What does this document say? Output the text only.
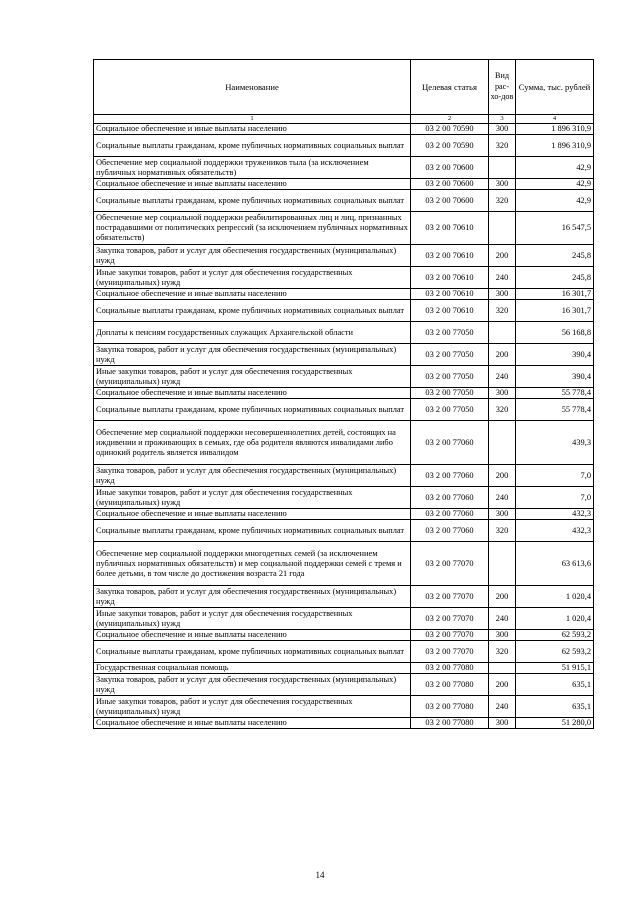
Наименование	Целевая статья	Вид рас-хо-дов	Сумма, тыс. рублей
1	2	3	4
Социальное обеспечение и иные выплаты населению	03 2 00 70590	300	1 896 310,9
Социальные выплаты гражданам, кроме публичных нормативных социальных выплат	03 2 00 70590	320	1 896 310,9
Обеспечение мер социальной поддержки тружеников тыла (за исключением публичных нормативных обязательств)	03 2 00 70600		42,9
Социальное обеспечение и иные выплаты населению	03 2 00 70600	300	42,9
Социальные выплаты гражданам, кроме публичных нормативных социальных выплат	03 2 00 70600	320	42,9
Обеспечение мер социальной поддержки реабилитированных лиц и лиц, признанных пострадавшими от политических репрессий (за исключением публичных нормативных обязательств)	03 2 00 70610		16 547,5
Закупка товаров, работ и услуг для обеспечения государственных (муниципальных) нужд	03 2 00 70610	200	245,8
Иные закупки товаров, работ и услуг для обеспечения государственных (муниципальных) нужд	03 2 00 70610	240	245,8
Социальное обеспечение и иные выплаты населению	03 2 00 70610	300	16 301,7
Социальные выплаты гражданам, кроме публичных нормативных социальных выплат	03 2 00 70610	320	16 301,7
Доплаты к пенсиям государственных служащих Архангельской области	03 2 00 77050		56 168,8
Закупка товаров, работ и услуг для обеспечения государственных (муниципальных) нужд	03 2 00 77050	200	390,4
Иные закупки товаров, работ и услуг для обеспечения государственных (муниципальных) нужд	03 2 00 77050	240	390,4
Социальное обеспечение и иные выплаты населению	03 2 00 77050	300	55 778,4
Социальные выплаты гражданам, кроме публичных нормативных социальных выплат	03 2 00 77050	320	55 778,4
Обеспечение мер социальной поддержки несовершеннолетних детей, состоящих на иждивении и проживающих в семьях, где оба родителя являются инвалидами либо одинокий родитель является инвалидом	03 2 00 77060		439,3
Закупка товаров, работ и услуг для обеспечения государственных (муниципальных) нужд	03 2 00 77060	200	7,0
Иные закупки товаров, работ и услуг для обеспечения государственных (муниципальных) нужд	03 2 00 77060	240	7,0
Социальное обеспечение и иные выплаты населению	03 2 00 77060	300	432,3
Социальные выплаты гражданам, кроме публичных нормативных социальных выплат	03 2 00 77060	320	432,3
Обеспечение мер социальной поддержки многодетных семей (за исключением публичных нормативных обязательств) и мер социальной поддержки семей с тремя и более детьми, в том числе до достижения возраста 21 года	03 2 00 77070		63 613,6
Закупка товаров, работ и услуг для обеспечения государственных (муниципальных) нужд	03 2 00 77070	200	1 020,4
Иные закупки товаров, работ и услуг для обеспечения государственных (муниципальных) нужд	03 2 00 77070	240	1 020,4
Социальное обеспечение и иные выплаты населению	03 2 00 77070	300	62 593,2
Социальные выплаты гражданам, кроме публичных нормативных социальных выплат	03 2 00 77070	320	62 593,2
Государственная социальная помощь	03 2 00 77080		51 915,1
Закупка товаров, работ и услуг для обеспечения государственных (муниципальных) нужд	03 2 00 77080	200	635,1
Иные закупки товаров, работ и услуг для обеспечения государственных (муниципальных) нужд	03 2 00 77080	240	635,1
Социальное обеспечение и иные выплаты населению	03 2 00 77080	300	51 280,0
14
